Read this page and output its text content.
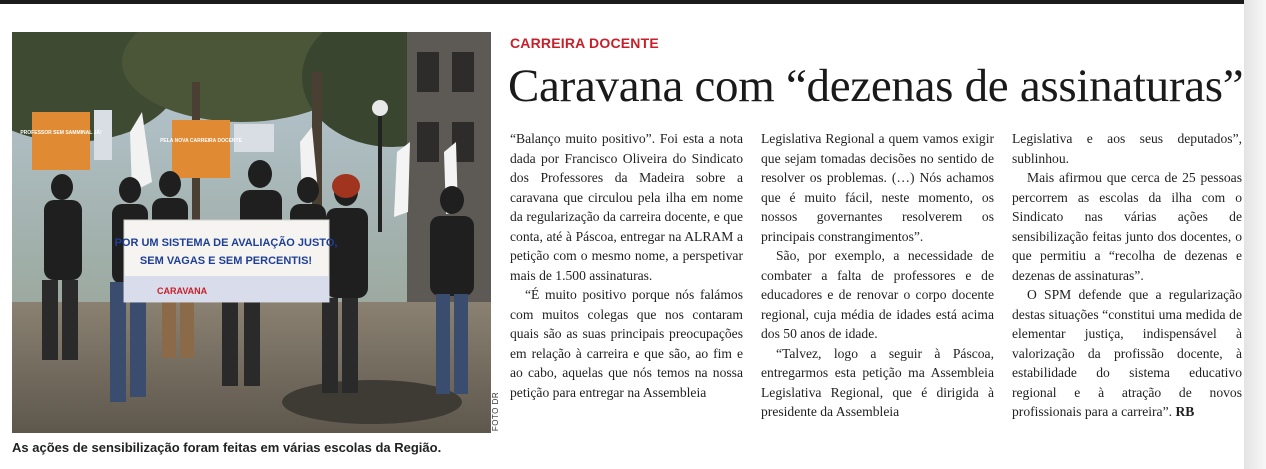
POR UM SISTEMA DE AVALIAÇÃO JUSTO,
SEM VAGAS E SEM PERCENTIS!
CARAVANA
PROFESSOR SEM SAMMINAL JÁ!
PELA NOVA CARREIRA DOCENTE
FOTO DR
As ações de sensibilização foram feitas em várias escolas da Região.
CARREIRA DOCENTE
Caravana com “dezenas de assinaturas”

“Balanço muito positivo”. Foi esta a nota dada por Francisco Oliveira do Sindicato dos Professores da Madeira sobre a caravana que circulou pela ilha em nome da regularização da carreira docente, e que conta, até à Páscoa, entregar na ALRAM a petição com o mesmo nome, a perspetivar mais de 1.500 assinaturas.

“É muito positivo porque nós falámos com muitos colegas que nos contaram quais são as suas principais preocupações em relação à carreira e que são, ao fim e ao cabo, aquelas que nós temos na nossa petição para entregar na Assembleia

Legislativa Regional a quem vamos exigir que sejam tomadas decisões no sentido de resolver os problemas. (…) Nós achamos que é muito fácil, neste momento, os nossos governantes resolverem os principais constrangimentos”.

São, por exemplo, a necessidade de combater a falta de professores e de educadores e de renovar o corpo docente regional, cuja média de idades está acima dos 50 anos de idade.

“Talvez, logo a seguir à Páscoa, entregarmos esta petição ma Assembleia Legislativa Regional, que é dirigida à presidente da Assembleia

Legislativa e aos seus deputados”, sublinhou.

Mais afirmou que cerca de 25 pessoas percorrem as escolas da ilha com o Sindicato nas várias ações de sensibilização feitas junto dos docentes, o que permitiu a “recolha de dezenas e dezenas de assinaturas”.

O SPM defende que a regularização destas situações “constitui uma medida de elementar justiça, indispensável à valorização da profissão docente, à estabilidade do sistema educativo regional e à atração de novos profissionais para a carreira”. RB
